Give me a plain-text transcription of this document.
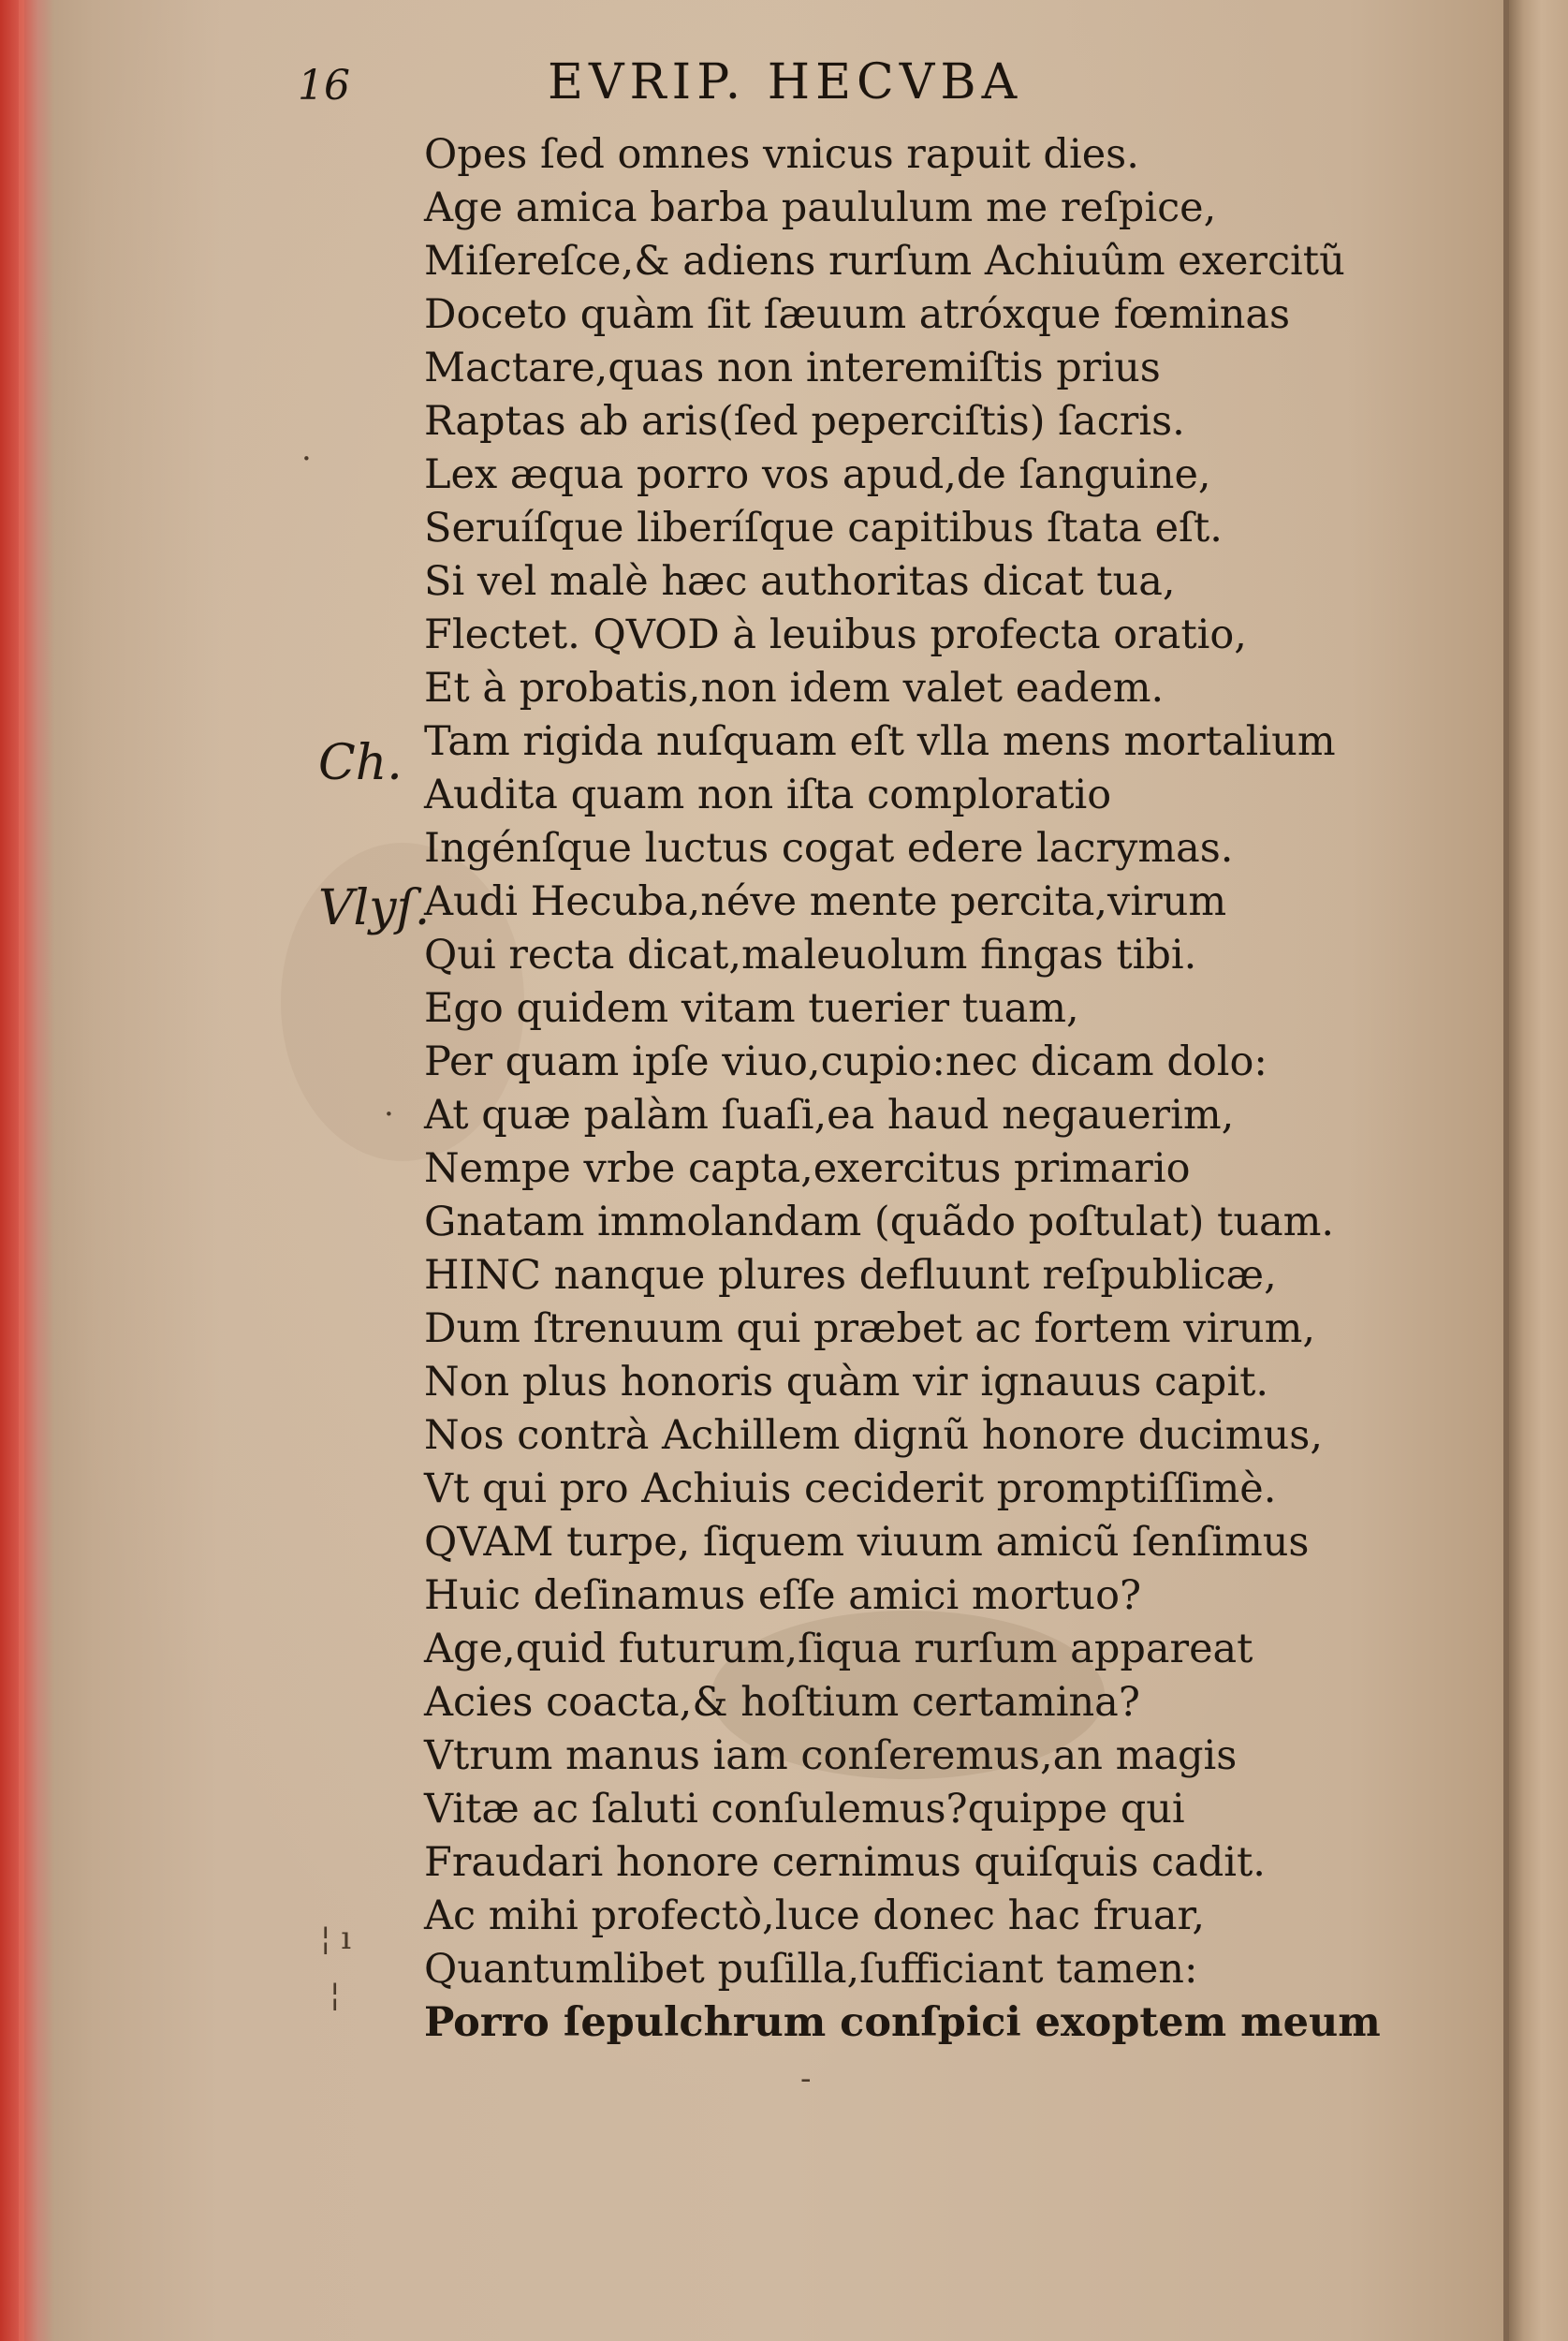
16	EVRIP. HECVBA
Ch.
Vlyſ.
·
·
¦ ı
¦
-
Opes ſed omnes vnicus rapuit dies.
Age amica barba paululum me reſpice,
Miſereſce,& adiens rurſum Achiuûm exercitũ
Doceto quàm ſit ſæuum atróxque fœminas
Mactare,quas non interemiſtis prius
Raptas ab aris(ſed peperciſtis) ſacris.
Lex æqua porro vos apud,de ſanguine,
Seruíſque liberíſque capitibus ſtata eſt.
Si vel malè hæc authoritas dicat tua,
Flectet. QVOD à leuibus profecta oratio,
Et à probatis,non idem valet eadem.
Tam rigida nuſquam eſt vlla mens mortalium
Audita quam non iſta comploratio
Ingénſque luctus cogat edere lacrymas.
Audi Hecuba,néve mente percita,virum
Qui recta dicat,maleuolum fingas tibi.
Ego quidem vitam tuerier tuam,
Per quam ipſe viuo,cupio:nec dicam dolo:
At quæ palàm ſuaſi,ea haud negauerim,
Nempe vrbe capta,exercitus primario
Gnatam immolandam (quãdo poſtulat) tuam.
HINC nanque plures defluunt reſpublicæ,
Dum ſtrenuum qui præbet ac fortem virum,
Non plus honoris quàm vir ignauus capit.
Nos contrà Achillem dignũ honore ducimus,
Vt qui pro Achiuis ceciderit promptiſſimè.
QVAM turpe, ſiquem viuum amicũ ſenſimus
Huic deſinamus eſſe amici mortuo?
Age,quid futurum,ſiqua rurſum appareat
Acies coacta,& hoſtium certamina?
Vtrum manus iam conſeremus,an magis
Vitæ ac ſaluti conſulemus?quippe qui
Fraudari honore cernimus quiſquis cadit.
Ac mihi profectò,luce donec hac fruar,
Quantumlibet puſilla,ſufficiant tamen:
Porro ſepulchrum conſpici exoptem meum
